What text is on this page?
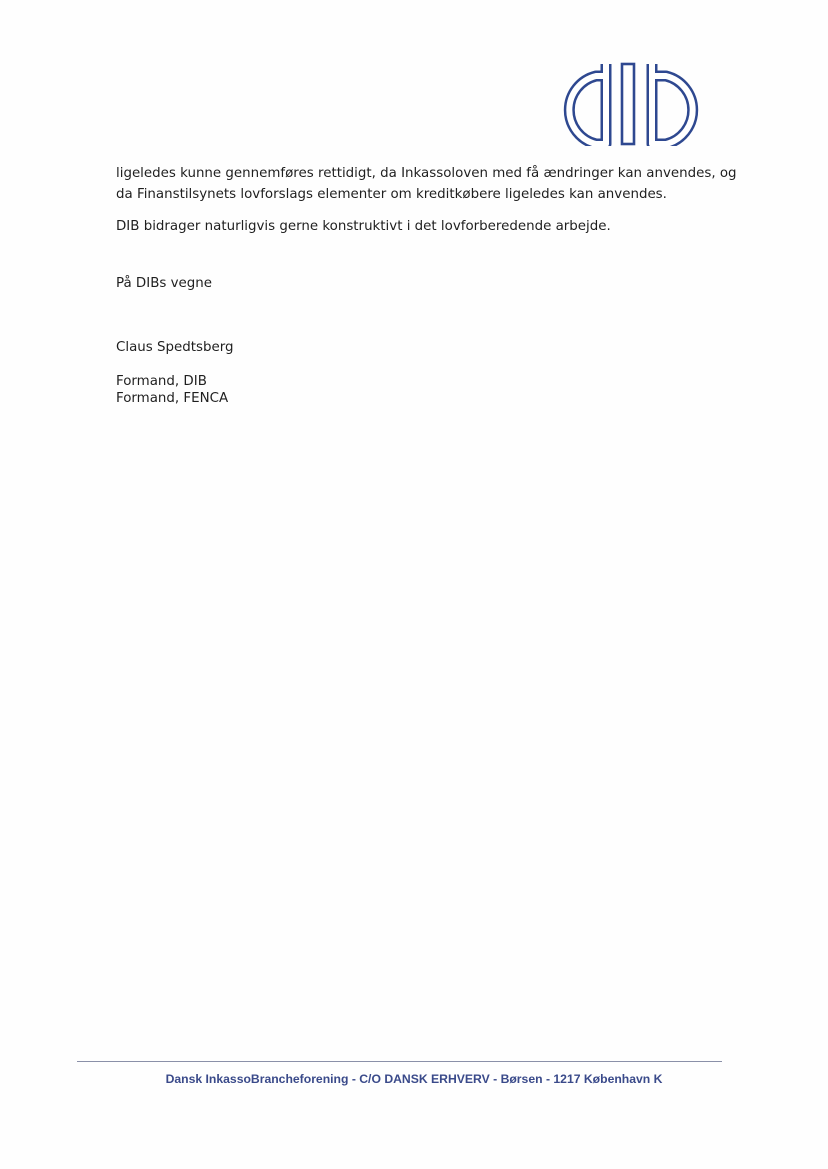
ligeledes kunne gennemføres rettidigt, da Inkassoloven med få ændringer kan anvendes, og
da Finanstilsynets lovforslags elementer om kreditkøbere ligeledes kan anvendes.

DIB bidrager naturligvis gerne konstruktivt i det lovforberedende arbejde.

På DIBs vegne
Claus Spedtsberg
Formand, DIB
Formand, FENCA
Dansk InkassoBrancheforening - C/O DANSK ERHVERV - Børsen - 1217 København K
